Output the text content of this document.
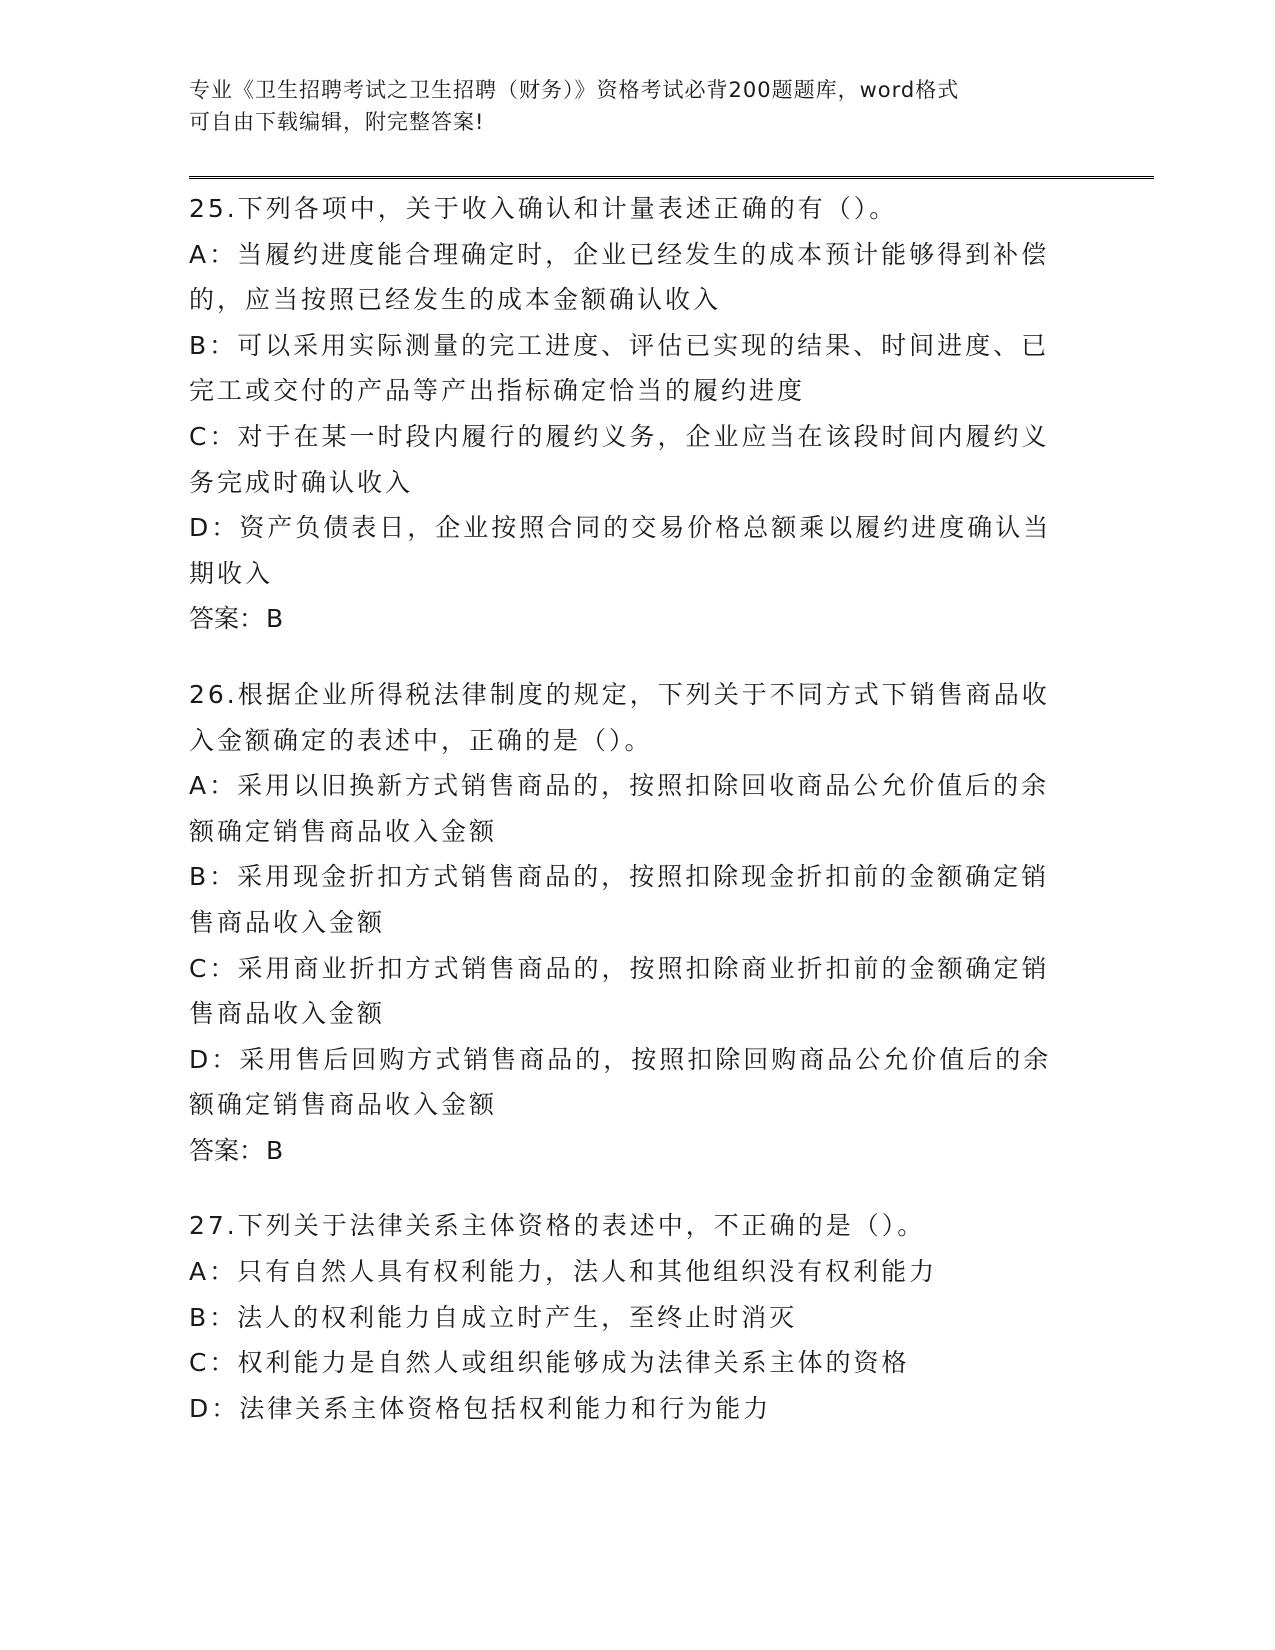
专业《卫生招聘考试之卫生招聘（财务）》资格考试必背200题题库，word格式
可自由下载编辑，附完整答案!

25.下列各项中，关于收入确认和计量表述正确的有（）。

A：当履约进度能合理确定时，企业已经发生的成本预计能够得到补偿

的，应当按照已经发生的成本金额确认收入

B：可以采用实际测量的完工进度、评估已实现的结果、时间进度、已

完工或交付的产品等产出指标确定恰当的履约进度

C：对于在某一时段内履行的履约义务，企业应当在该段时间内履约义

务完成时确认收入

D：资产负债表日，企业按照合同的交易价格总额乘以履约进度确认当

期收入

答案：B

26.根据企业所得税法律制度的规定，下列关于不同方式下销售商品收

入金额确定的表述中，正确的是（）。

A：采用以旧换新方式销售商品的，按照扣除回收商品公允价值后的余

额确定销售商品收入金额

B：采用现金折扣方式销售商品的，按照扣除现金折扣前的金额确定销

售商品收入金额

C：采用商业折扣方式销售商品的，按照扣除商业折扣前的金额确定销

售商品收入金额

D：采用售后回购方式销售商品的，按照扣除回购商品公允价值后的余

额确定销售商品收入金额

答案：B

27.下列关于法律关系主体资格的表述中，不正确的是（）。

A：只有自然人具有权利能力，法人和其他组织没有权利能力

B：法人的权利能力自成立时产生，至终止时消灭

C：权利能力是自然人或组织能够成为法律关系主体的资格

D：法律关系主体资格包括权利能力和行为能力
